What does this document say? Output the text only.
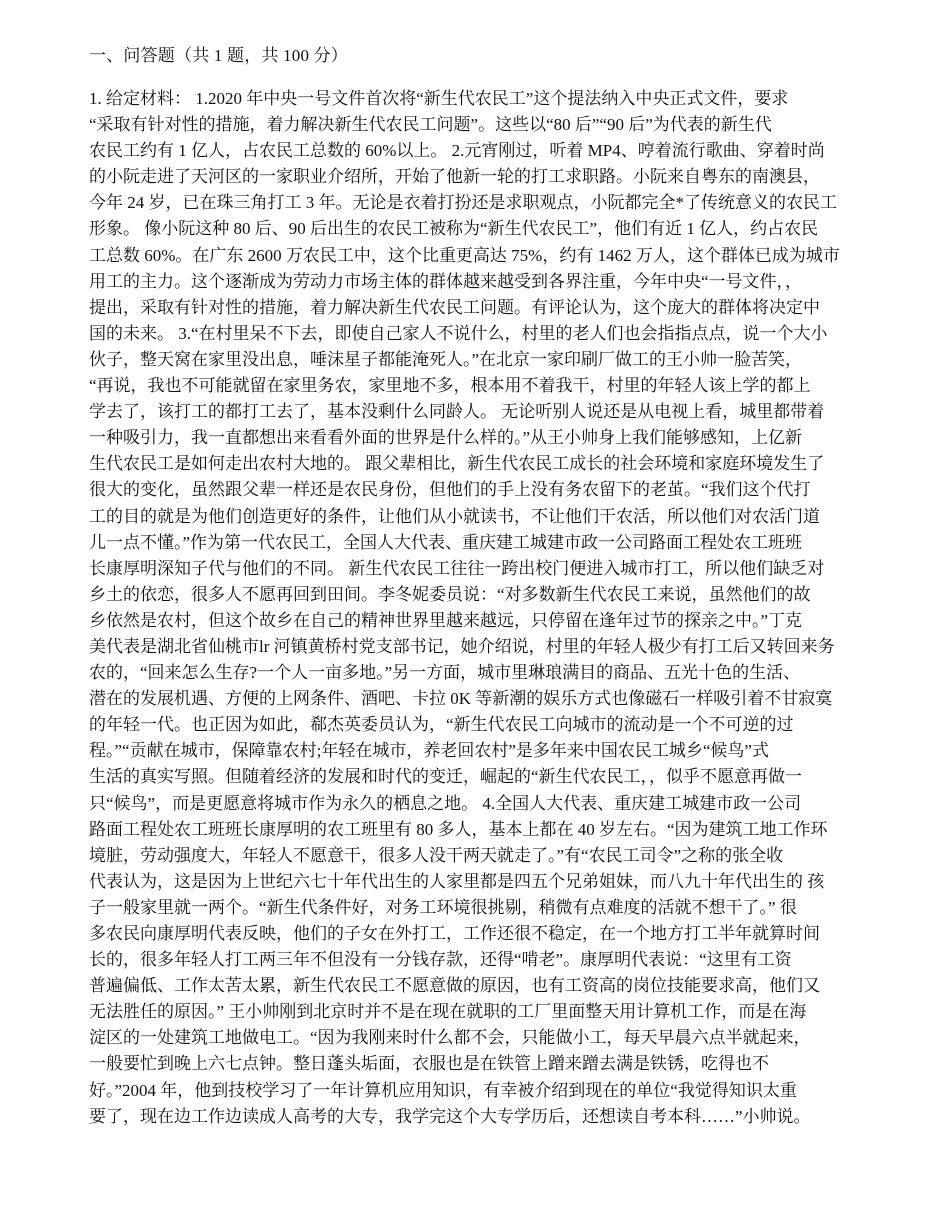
一、问答题（共 1 题，共 100 分）
1. 给定材料： 1.2020 年中央一号文件首次将“新生代农民工”这个提法纳入中央正式文件，要求
“采取有针对性的措施，着力解决新生代农民工问题”。这些以“80 后”“90 后”为代表的新生代
农民工约有 1 亿人，占农民工总数的 60%以上。 2.元宵刚过，听着 MP4、哼着流行歌曲、穿着时尚
的小阮走进了天河区的一家职业介绍所，开始了他新一轮的打工求职路。小阮来自粤东的南澳县，
今年 24 岁，已在珠三角打工 3 年。无论是衣着打扮还是求职观点，小阮都完全*了传统意义的农民工
形象。 像小阮这种 80 后、90 后出生的农民工被称为“新生代农民工”，他们有近 1 亿人，约占农民
工总数 60%。在广东 2600 万农民工中，这个比重更高达 75%，约有 1462 万人，这个群体已成为城市
用工的主力。这个逐渐成为劳动力市场主体的群体越来越受到各界注重，今年中央“一号文件，，
提出，采取有针对性的措施，着力解决新生代农民工问题。有评论认为，这个庞大的群体将决定中
国的未来。 3.“在村里呆不下去，即使自己家人不说什么，村里的老人们也会指指点点，说一个大小
伙子，整天窝在家里没出息，唾沫星子都能淹死人。”在北京一家印刷厂做工的王小帅一脸苦笑，
“再说，我也不可能就留在家里务农，家里地不多，根本用不着我干，村里的年轻人该上学的都上
学去了，该打工的都打工去了，基本没剩什么同龄人。 无论听别人说还是从电视上看，城里都带着
一种吸引力，我一直都想出来看看外面的世界是什么样的。”从王小帅身上我们能够感知，上亿新
生代农民工是如何走出农村大地的。 跟父辈相比，新生代农民工成长的社会环境和家庭环境发生了
很大的变化，虽然跟父辈一样还是农民身份，但他们的手上没有务农留下的老茧。“我们这个代打
工的目的就是为他们创造更好的条件，让他们从小就读书，不让他们干农活，所以他们对农活门道
儿一点不懂。”作为第一代农民工，全国人大代表、重庆建工城建市政一公司路面工程处农工班班
长康厚明深知子代与他们的不同。 新生代农民工往往一跨出校门便进入城市打工，所以他们缺乏对
乡土的依恋，很多人不愿再回到田间。李冬妮委员说：“对多数新生代农民工来说，虽然他们的故
乡依然是农村，但这个故乡在自己的精神世界里越来越远，只停留在逢年过节的探亲之中。”丁克
美代表是湖北省仙桃市lr 河镇黄桥村党支部书记，她介绍说，村里的年轻人极少有打工后又转回来务
农的，“回来怎么生存?一个人一亩多地。”另一方面，城市里琳琅满目的商品、五光十色的生活、
潜在的发展机遇、方便的上网条件、酒吧、卡拉 0K 等新潮的娱乐方式也像磁石一样吸引着不甘寂寞
的年轻一代。也正因为如此，郗杰英委员认为，“新生代农民工向城市的流动是一个不可逆的过
程。”“贡献在城市，保障靠农村;年轻在城市，养老回农村”是多年来中国农民工城乡“候鸟”式
生活的真实写照。但随着经济的发展和时代的变迁，崛起的“新生代农民工，，似乎不愿意再做一
只“候鸟”，而是更愿意将城市作为永久的栖息之地。 4.全国人大代表、重庆建工城建市政一公司
路面工程处农工班班长康厚明的农工班里有 80 多人，基本上都在 40 岁左右。“因为建筑工地工作环
境脏，劳动强度大，年轻人不愿意干，很多人没干两天就走了。”有“农民工司令”之称的张全收
代表认为，这是因为上世纪六七十年代出生的人家里都是四五个兄弟姐妹，而八九十年代出生的 孩
子一般家里就一两个。“新生代条件好，对务工环境很挑剔，稍微有点难度的活就不想干了。” 很
多农民向康厚明代表反映，他们的子女在外打工，工作还很不稳定，在一个地方打工半年就算时间
长的，很多年轻人打工两三年不但没有一分钱存款，还得“啃老”。康厚明代表说：“这里有工资
普遍偏低、工作太苦太累，新生代农民工不愿意做的原因，也有工资高的岗位技能要求高，他们又
无法胜任的原因。” 王小帅刚到北京时并不是在现在就职的工厂里面整天用计算机工作，而是在海
淀区的一处建筑工地做电工。“因为我刚来时什么都不会，只能做小工，每天早晨六点半就起来，
一般要忙到晚上六七点钟。整日蓬头垢面，衣服也是在铁管上蹭来蹭去满是铁锈，吃得也不
好。”2004 年，他到技校学习了一年计算机应用知识，有幸被介绍到现在的单位“我觉得知识太重
要了，现在边工作边读成人高考的大专，我学完这个大专学历后，还想读自考本科……”小帅说。
